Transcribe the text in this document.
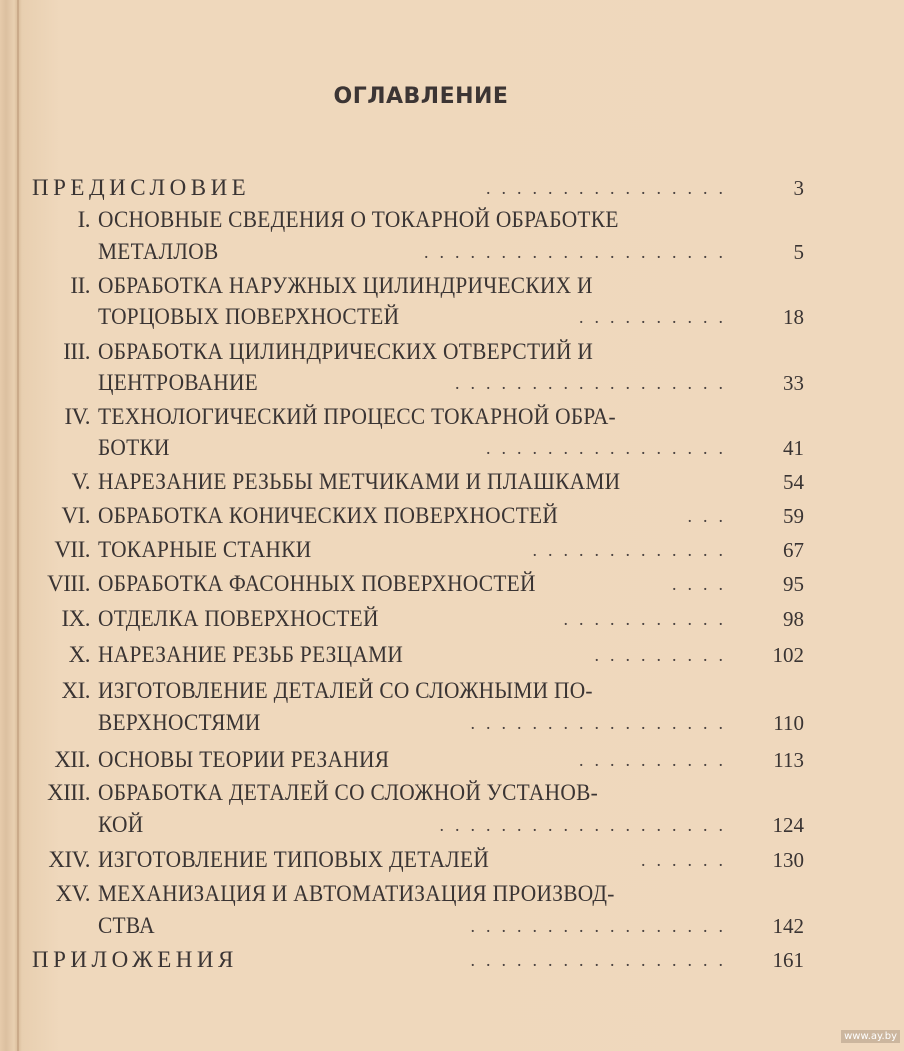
ОГЛАВЛЕНИЕ
ПРЕДИСЛОВИЕ	................	3
I. ОСНОВНЫЕ СВЕДЕНИЯ О ТОКАРНОЙ ОБРАБОТКЕ
МЕТАЛЛОВ	....................	5
II. ОБРАБОТКА НАРУЖНЫХ ЦИЛИНДРИЧЕСКИХ И
ТОРЦОВЫХ ПОВЕРХНОСТЕЙ	..........	18
III. ОБРАБОТКА ЦИЛИНДРИЧЕСКИХ ОТВЕРСТИЙ И
ЦЕНТРОВАНИЕ	..................	33
IV. ТЕХНОЛОГИЧЕСКИЙ ПРОЦЕСС ТОКАРНОЙ ОБРА-
БОТКИ	................	41
V. НАРЕЗАНИЕ РЕЗЬБЫ МЕТЧИКАМИ И ПЛАШКАМИ	54
VI. ОБРАБОТКА КОНИЧЕСКИХ ПОВЕРХНОСТЕЙ	...	59
VII. ТОКАРНЫЕ СТАНКИ	.............	67
VIII. ОБРАБОТКА ФАСОННЫХ ПОВЕРХНОСТЕЙ	....	95
IX. ОТДЕЛКА ПОВЕРХНОСТЕЙ	...........	98
X. НАРЕЗАНИЕ РЕЗЬБ РЕЗЦАМИ	.........	102
XI. ИЗГОТОВЛЕНИЕ ДЕТАЛЕЙ СО СЛОЖНЫМИ ПО-
ВЕРХНОСТЯМИ	.................	110
XII. ОСНОВЫ ТЕОРИИ РЕЗАНИЯ	..........	113
XIII. ОБРАБОТКА ДЕТАЛЕЙ СО СЛОЖНОЙ УСТАНОВ-
КОЙ	...................	124
XIV. ИЗГОТОВЛЕНИЕ ТИПОВЫХ ДЕТАЛЕЙ	......	130
XV. МЕХАНИЗАЦИЯ И АВТОМАТИЗАЦИЯ ПРОИЗВОД-
СТВА	.................	142
ПРИЛОЖЕНИЯ	.................	161
www.ay.by
